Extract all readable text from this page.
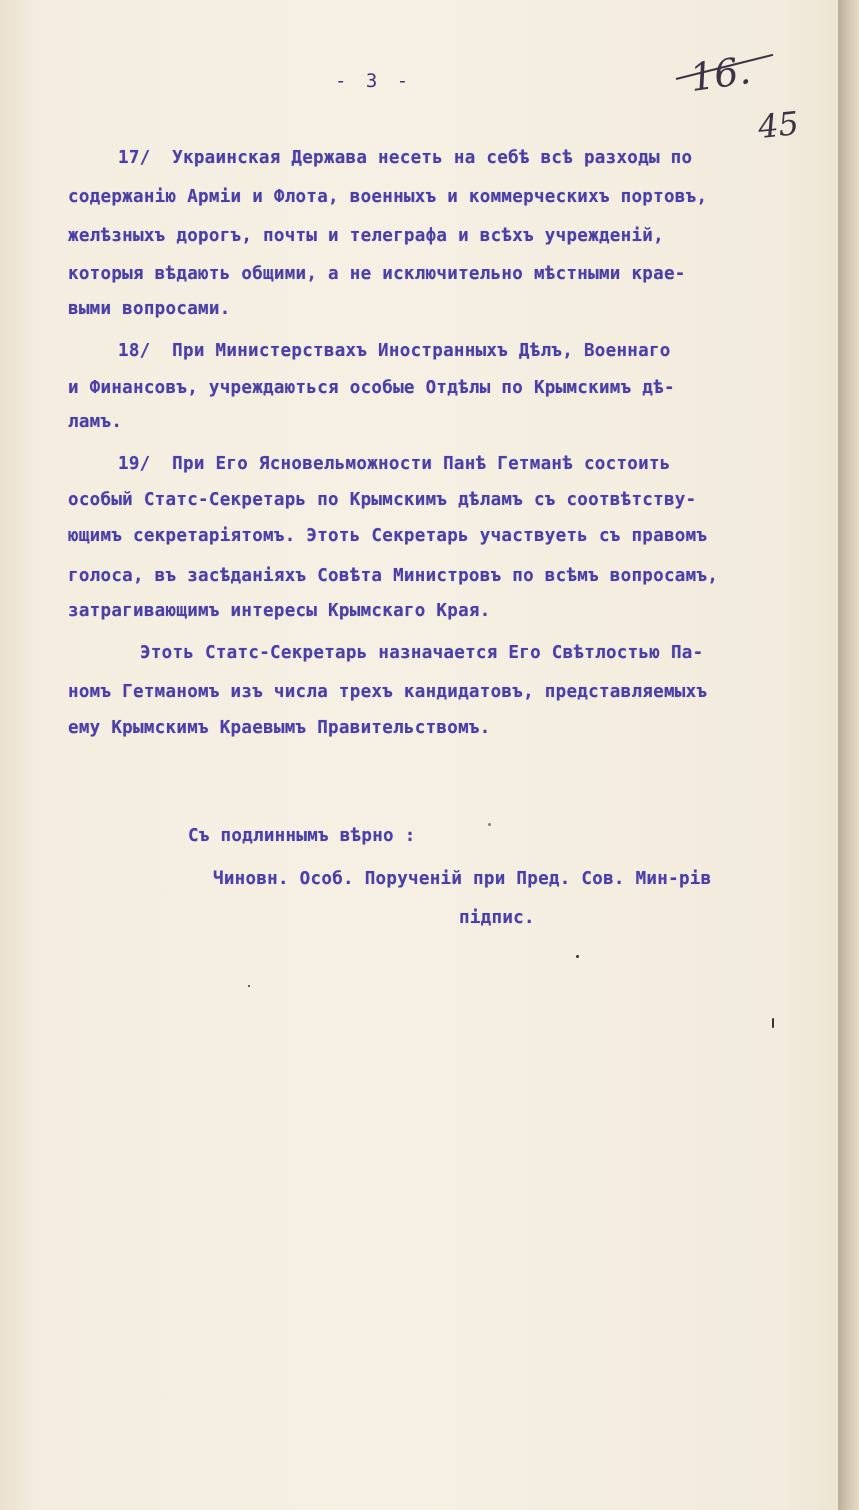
- 3 -	16.
45
17/  Украинская Держава несеть на себѣ всѣ разходы по
содержанію Арміи и Флота, военныхъ и коммерческихъ портовъ,
желѣзныхъ дорогъ, почты и телеграфа и всѣхъ учрежденій,
которыя вѣдають общими, а не исключительно мѣстными крае-
выми вопросами.
18/  При Министерствахъ Иностранныхъ Дѣлъ, Военнаго
и Финансовъ, учреждаються особые Отдѣлы по Крымскимъ дѣ-
ламъ.
19/  При Его Ясновельможности Панѣ Гетманѣ состоить
особый Статс-Секретарь по Крымскимъ дѣламъ съ соотвѣтству-
ющимъ секретаріятомъ. Этоть Секретарь участвуеть съ правомъ
голоса, въ засѣданіяхъ Совѣта Министровъ по всѣмъ вопросамъ,
затрагивающимъ интересы Крымскаго Края.
Этоть Статс-Секретарь назначается Его Свѣтлостью Па-
номъ Гетманомъ изъ числа трехъ кандидатовъ, представляемыхъ
ему Крымскимъ Краевымъ Правительствомъ.
Съ подлиннымъ вѣрно :
Чиновн. Особ. Порученій при Пред. Сов. Мин-рів
підпис.
